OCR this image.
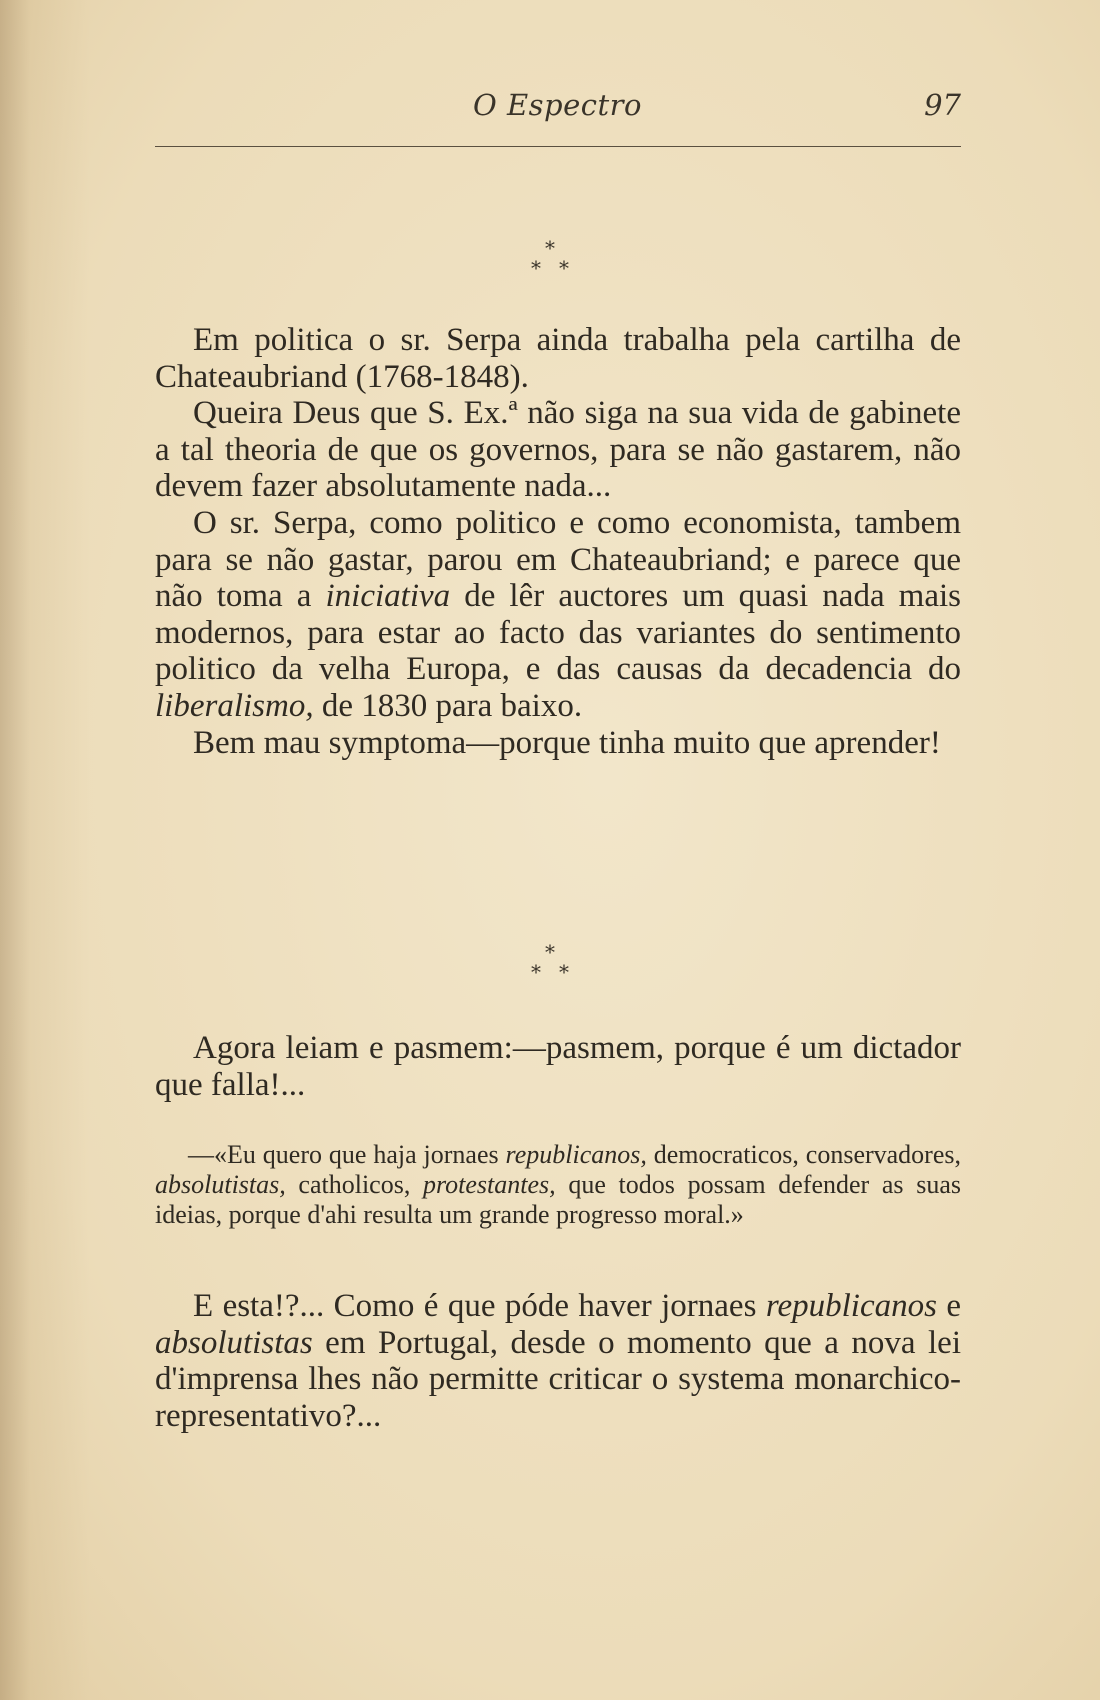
O Espectro	97
*
**

Em politica o sr. Serpa ainda trabalha pela cartilha de Chateaubriand (1768-1848).

Queira Deus que S. Ex.ª não siga na sua vida de gabinete a tal theoria de que os governos, para se não gastarem, não devem fazer absolutamente nada...

O sr. Serpa, como politico e como economista, tambem para se não gastar, parou em Chateaubriand; e parece que não toma a iniciativa de lêr auctores um quasi nada mais modernos, para estar ao facto das variantes do sentimento politico da velha Europa, e das causas da decadencia do liberalismo, de 1830 para baixo.

Bem mau symptoma—porque tinha muito que aprender!

*
**

Agora leiam e pasmem:—pasmem, porque é um dictador que falla!...

—«Eu quero que haja jornaes republicanos, democraticos, conservadores, absolutistas, catholicos, protestantes, que todos possam defender as suas ideias, porque d'ahi resulta um grande progresso moral.»

E esta!?... Como é que póde haver jornaes republicanos e absolutistas em Portugal, desde o momento que a nova lei d'imprensa lhes não permitte criticar o systema monarchico-representativo?...
